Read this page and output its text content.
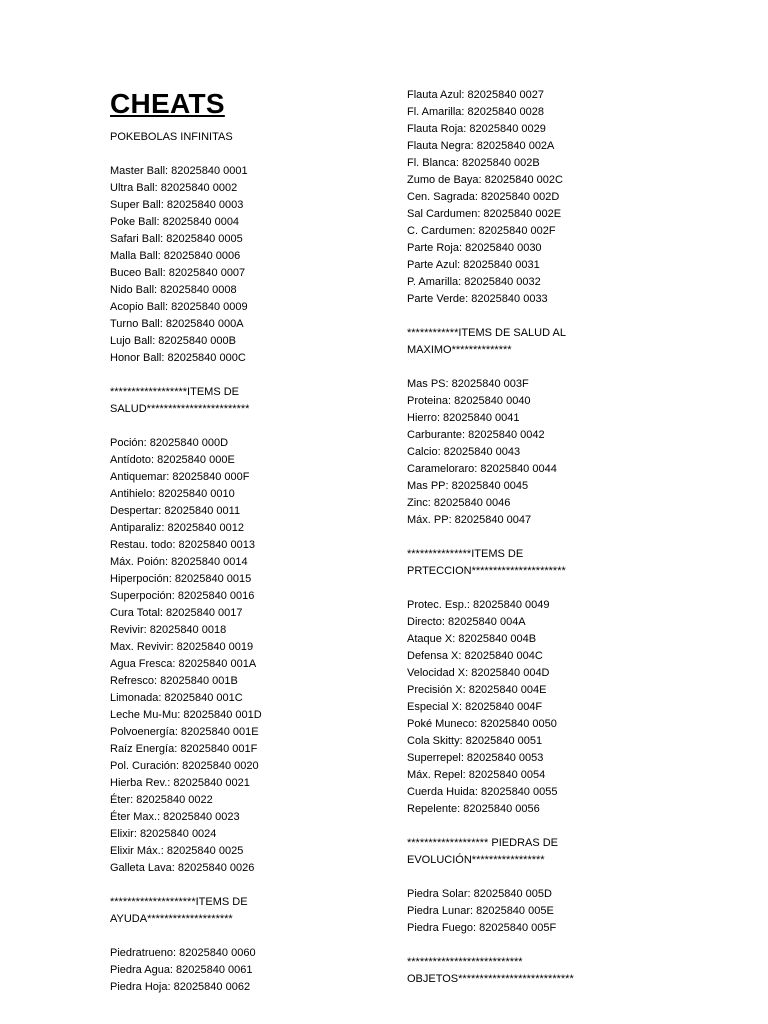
CHEATS
POKEBOLAS INFINITAS
Master Ball: 82025840 0001
Ultra Ball: 82025840 0002
Super Ball: 82025840 0003
Poke Ball: 82025840 0004
Safari Ball: 82025840 0005
Malla Ball: 82025840 0006
Buceo Ball: 82025840 0007
Nido Ball: 82025840 0008
Acopio Ball: 82025840 0009
Turno Ball: 82025840 000A
Lujo Ball: 82025840 000B
Honor Ball: 82025840 000C
******************ITEMS DE
SALUD************************
Poción: 82025840 000D
Antídoto: 82025840 000E
Antiquemar: 82025840 000F
Antihielo: 82025840 0010
Despertar: 82025840 0011
Antiparaliz: 82025840 0012
Restau. todo: 82025840 0013
Máx. Poión: 82025840 0014
Hiperpoción: 82025840 0015
Superpoción: 82025840 0016
Cura Total: 82025840 0017
Revivir: 82025840 0018
Max. Revivir: 82025840 0019
Agua Fresca: 82025840 001A
Refresco: 82025840 001B
Limonada: 82025840 001C
Leche Mu-Mu: 82025840 001D
Polvoenergía: 82025840 001E
Raíz Energía: 82025840 001F
Pol. Curación: 82025840 0020
Hierba Rev.: 82025840 0021
Éter: 82025840 0022
Éter Max.: 82025840 0023
Elixir: 82025840 0024
Elixir Máx.: 82025840 0025
Galleta Lava: 82025840 0026
********************ITEMS DE
AYUDA********************
Piedratrueno: 82025840 0060
Piedra Agua: 82025840 0061
Piedra Hoja: 82025840 0062
Flauta Azul: 82025840 0027
Fl. Amarilla: 82025840 0028
Flauta Roja: 82025840 0029
Flauta Negra: 82025840 002A
Fl. Blanca: 82025840 002B
Zumo de Baya: 82025840 002C
Cen. Sagrada: 82025840 002D
Sal Cardumen: 82025840 002E
C. Cardumen: 82025840 002F
Parte Roja: 82025840 0030
Parte Azul: 82025840 0031
P. Amarilla: 82025840 0032
Parte Verde: 82025840 0033
************ITEMS DE SALUD AL
MAXIMO**************
Mas PS: 82025840 003F
Proteina: 82025840 0040
Hierro: 82025840 0041
Carburante: 82025840 0042
Calcio: 82025840 0043
Carameloraro: 82025840 0044
Mas PP: 82025840 0045
Zinc: 82025840 0046
Máx. PP: 82025840 0047
***************ITEMS DE
PRTECCION**********************
Protec. Esp.: 82025840 0049
Directo: 82025840 004A
Ataque X: 82025840 004B
Defensa X: 82025840 004C
Velocidad X: 82025840 004D
Precisión X: 82025840 004E
Especial X: 82025840 004F
Poké Muneco: 82025840 0050
Cola Skitty: 82025840 0051
Superrepel: 82025840 0053
Máx. Repel: 82025840 0054
Cuerda Huida: 82025840 0055
Repelente: 82025840 0056
******************* PIEDRAS DE
EVOLUCIÓN*****************
Piedra Solar: 82025840 005D
Piedra Lunar: 82025840 005E
Piedra Fuego: 82025840 005F
***************************
OBJETOS***************************
